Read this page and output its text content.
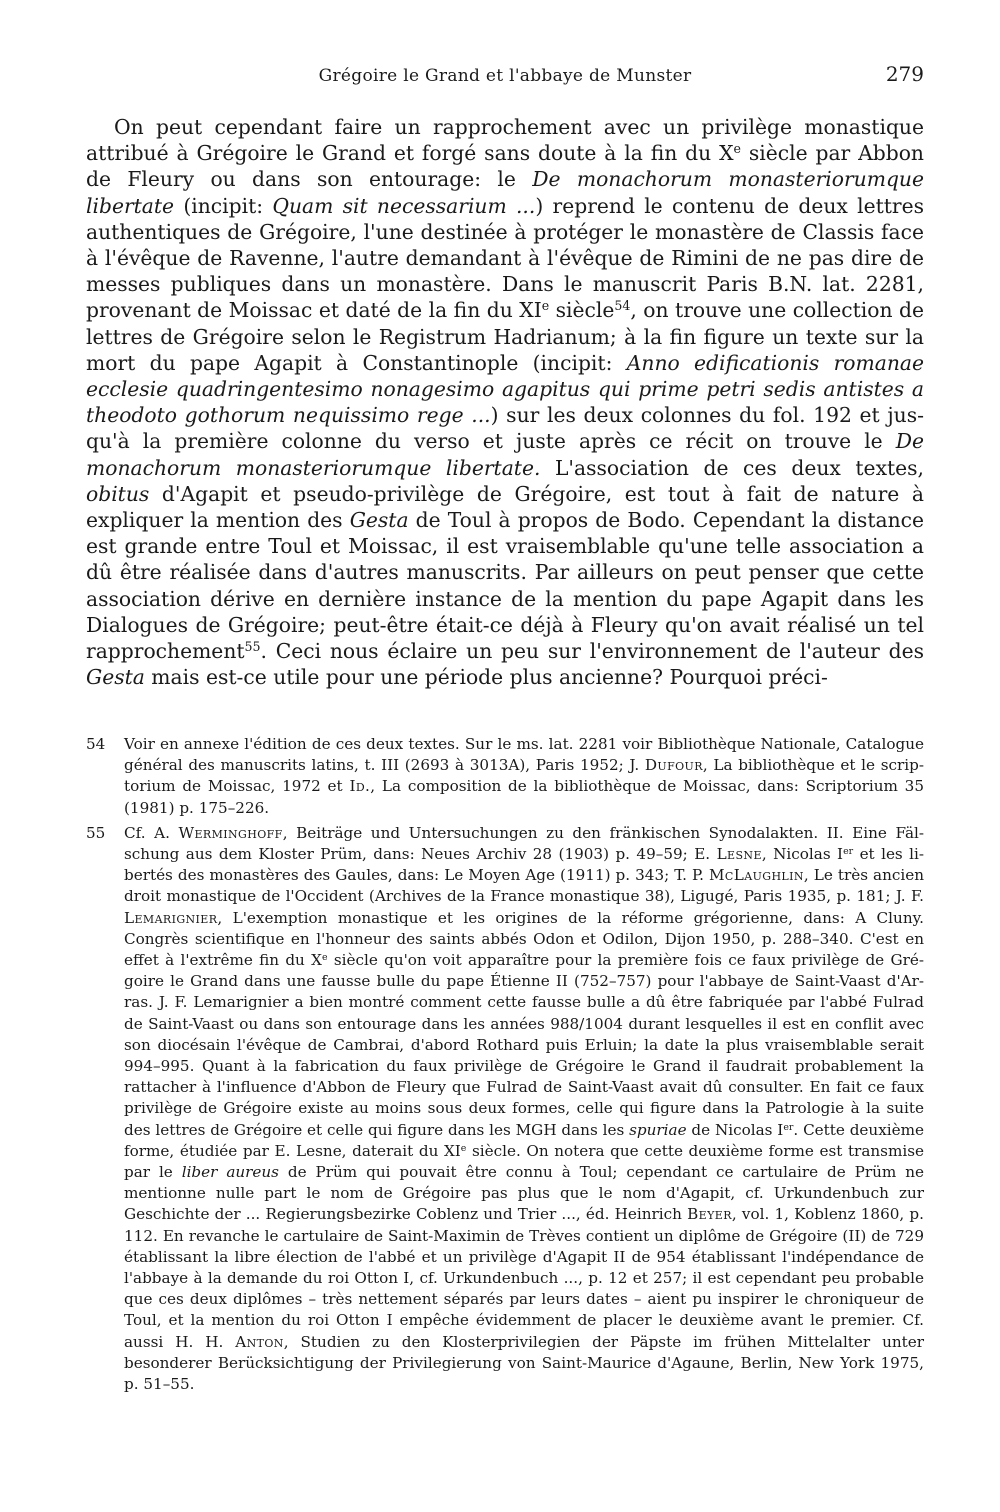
Grégoire le Grand et l'abbaye de Munster	279

On peut cependant faire un rapprochement avec un privilège monastique attribué à Grégoire le Grand et forgé sans doute à la fin du Xe siècle par Abbon de Fleury ou dans son entourage: le De monachorum monasteriorumque libertate (incipit: Quam sit necessarium ...) reprend le contenu de deux lettres authentiques de Grégoire, l'une destinée à protéger le monastère de Classis face à l'évêque de Ravenne, l'autre demandant à l'évêque de Rimini de ne pas dire de messes publiques dans un monastère. Dans le manuscrit Paris B.N. lat. 2281, provenant de Moissac et daté de la fin du XIe siècle$^{54}$, on trouve une collection de lettres de Grégoire selon le Registrum Hadrianum; à la fin figure un texte sur la mort du pape Agapit à Constantinople (incipit: Anno edificationis romanae ecclesie quadringentesimo nonagesimo agapitus qui prime petri sedis antistes a theodoto gothorum nequissimo rege ...) sur les deux colonnes du fol. 192 et jusqu'à la première colonne du verso et juste après ce récit on trouve le De monachorum monasteriorumque libertate. L'association de ces deux textes, obitus d'Agapit et pseudo-privilège de Grégoire, est tout à fait de nature à expliquer la mention des Gesta de Toul à propos de Bodo. Cependant la distance est grande entre Toul et Moissac, il est vraisemblable qu'une telle association a dû être réalisée dans d'autres manuscrits. Par ailleurs on peut penser que cette association dérive en dernière instance de la mention du pape Agapit dans les Dialogues de Grégoire; peut-être était-ce déjà à Fleury qu'on avait réalisé un tel rapprochement$^{55}$. Ceci nous éclaire un peu sur l'environnement de l'auteur des Gesta mais est-ce utile pour une période plus ancienne? Pourquoi préci-

54 Voir en annexe l'édition de ces deux textes. Sur le ms. lat. 2281 voir Bibliothèque Nationale, Catalogue général des manuscrits latins, t. III (2693 à 3013A), Paris 1952; J. Dufour, La bibliothèque et le scriptorium de Moissac, 1972 et Id., La composition de la bibliothèque de Moissac, dans: Scriptorium 35 (1981) p. 175–226.
55 Cf. A. Werminghoff, Beiträge und Untersuchungen zu den fränkischen Synodalakten. II. Eine Fälschung aus dem Kloster Prüm, dans: Neues Archiv 28 (1903) p. 49–59; E. Lesne, Nicolas Ier et les libertés des monastères des Gaules, dans: Le Moyen Age (1911) p. 343; T. P. McLaughlin, Le très ancien droit monastique de l'Occident (Archives de la France monastique 38), Ligugé, Paris 1935, p. 181; J. F. Lemarignier, L'exemption monastique et les origines de la réforme grégorienne, dans: A Cluny. Congrès scientifique en l'honneur des saints abbés Odon et Odilon, Dijon 1950, p. 288–340. C'est en effet à l'extrême fin du Xe siècle qu'on voit apparaître pour la première fois ce faux privilège de Grégoire le Grand dans une fausse bulle du pape Étienne II (752–757) pour l'abbaye de Saint-Vaast d'Arras. J. F. Lemarignier a bien montré comment cette fausse bulle a dû être fabriquée par l'abbé Fulrad de Saint-Vaast ou dans son entourage dans les années 988/1004 durant lesquelles il est en conflit avec son diocésain l'évêque de Cambrai, d'abord Rothard puis Erluin; la date la plus vraisemblable serait 994–995. Quant à la fabrication du faux privilège de Grégoire le Grand il faudrait probablement la rattacher à l'influence d'Abbon de Fleury que Fulrad de Saint-Vaast avait dû consulter. En fait ce faux privilège de Grégoire existe au moins sous deux formes, celle qui figure dans la Patrologie à la suite des lettres de Grégoire et celle qui figure dans les MGH dans les spuriae de Nicolas Ier. Cette deuxième forme, étudiée par E. Lesne, daterait du XIe siècle. On notera que cette deuxième forme est transmise par le liber aureus de Prüm qui pouvait être connu à Toul; cependant ce cartulaire de Prüm ne mentionne nulle part le nom de Grégoire pas plus que le nom d'Agapit, cf. Urkundenbuch zur Geschichte der ... Regierungsbezirke Coblenz und Trier ..., éd. Heinrich Beyer, vol. 1, Koblenz 1860, p. 112. En revanche le cartulaire de Saint-Maximin de Trèves contient un diplôme de Grégoire (II) de 729 établissant la libre élection de l'abbé et un privilège d'Agapit II de 954 établissant l'indépendance de l'abbaye à la demande du roi Otton I, cf. Urkundenbuch ..., p. 12 et 257; il est cependant peu probable que ces deux diplômes – très nettement séparés par leurs dates – aient pu inspirer le chroniqueur de Toul, et la mention du roi Otton I empêche évidemment de placer le deuxième avant le premier. Cf. aussi H. H. Anton, Studien zu den Klosterprivilegien der Päpste im frühen Mittelalter unter besonderer Berücksichtigung der Privilegierung von Saint-Maurice d'Agaune, Berlin, New York 1975, p. 51–55.
